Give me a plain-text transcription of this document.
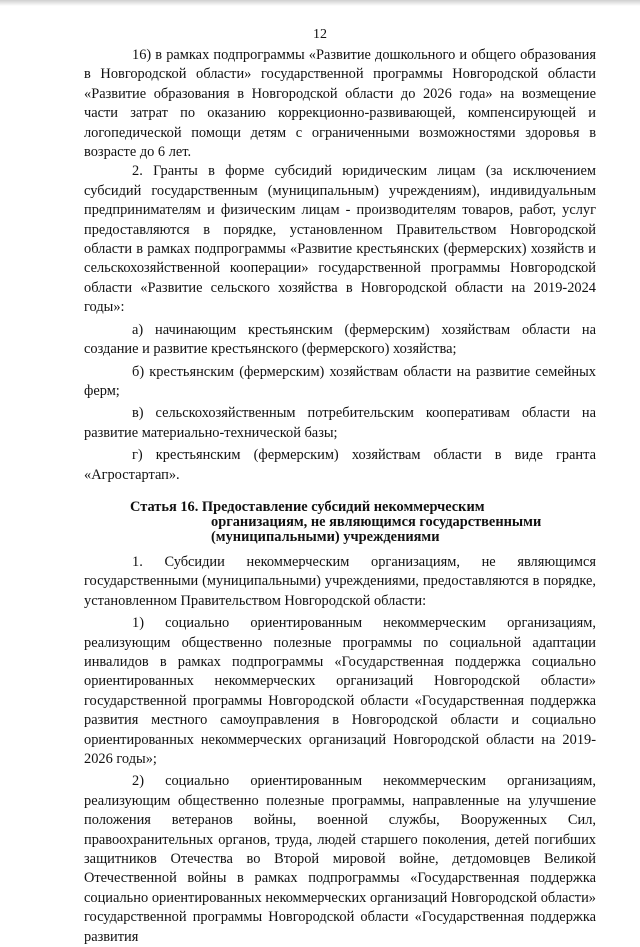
12

16) в рамках подпрограммы «Развитие дошкольного и общего образования в Новгородской области» государственной программы Новгородской области «Развитие образования в Новгородской области до 2026 года» на возмещение части затрат по оказанию коррекционно-развивающей, компенсирующей и логопедической помощи детям с ограниченными возможностями здоровья в возрасте до 6 лет.

2. Гранты в форме субсидий юридическим лицам (за исключением субсидий государственным (муниципальным) учреждениям), индивидуальным предпринимателям и физическим лицам - производителям товаров, работ, услуг предоставляются в порядке, установленном Правительством Новгородской области в рамках подпрограммы «Развитие крестьянских (фермерских) хозяйств и сельскохозяйственной кооперации» государственной программы Новгородской области «Развитие сельского хозяйства в Новгородской области на 2019-2024 годы»:

а) начинающим крестьянским (фермерским) хозяйствам области на создание и развитие крестьянского (фермерского) хозяйства;

б) крестьянским (фермерским) хозяйствам области на развитие семейных ферм;

в) сельскохозяйственным потребительским кооперативам области на развитие материально-технической базы;

г) крестьянским (фермерским) хозяйствам области в виде гранта «Агростартап».

Статья 16. Предоставление субсидий некоммерческим
организациям, не являющимся государственными
(муниципальными) учреждениями

1. Субсидии некоммерческим организациям, не являющимся государственными (муниципальными) учреждениями, предоставляются в порядке, установленном Правительством Новгородской области:

1) социально ориентированным некоммерческим организациям, реализующим общественно полезные программы по социальной адаптации инвалидов в рамках подпрограммы «Государственная поддержка социально ориентированных некоммерческих организаций Новгородской области» государственной программы Новгородской области «Государственная поддержка развития местного самоуправления в Новгородской области и социально ориентированных некоммерческих организаций Новгородской области на 2019-2026 годы»;

2) социально ориентированным некоммерческим организациям, реализующим общественно полезные программы, направленные на улучшение положения ветеранов войны, военной службы, Вооруженных Сил, правоохранительных органов, труда, людей старшего поколения, детей погибших защитников Отечества во Второй мировой войне, детдомовцев Великой Отечественной войны в рамках подпрограммы «Государственная поддержка социально ориентированных некоммерческих организаций Новгородской области» государственной программы Новгородской области «Государственная поддержка развития
